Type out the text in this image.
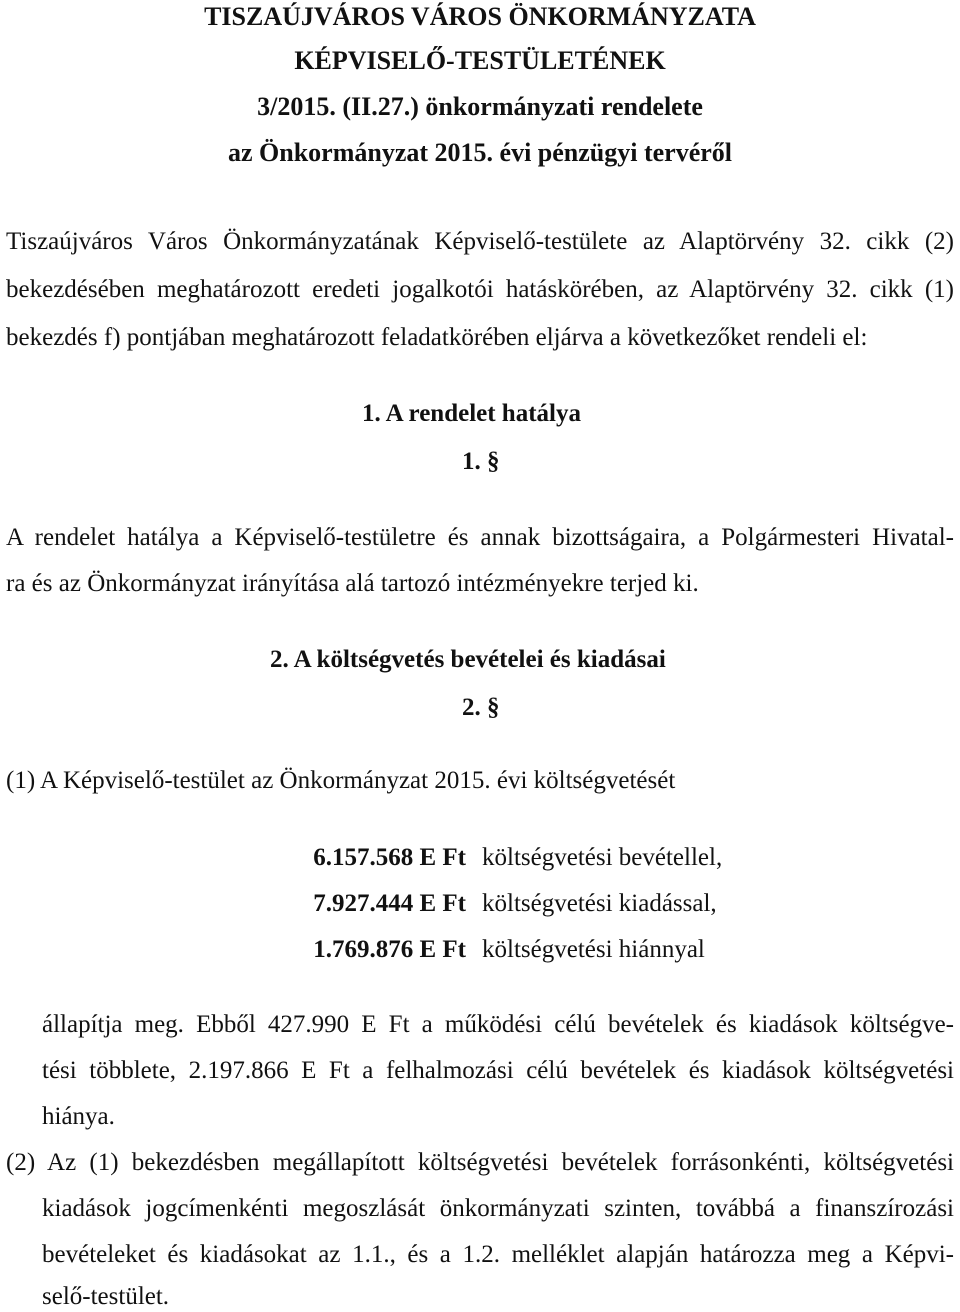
TISZAÚJVÁROS VÁROS ÖNKORMÁNYZATA
KÉPVISELŐ-TESTÜLETÉNEK
3/2015. (II.27.) önkormányzati rendelete
az Önkormányzat 2015. évi pénzügyi tervéről
Tiszaújváros Város Önkormányzatának Képviselő-testülete az Alaptörvény 32. cikk (2)
bekezdésében meghatározott eredeti jogalkotói hatáskörében, az Alaptörvény 32. cikk (1)
bekezdés f) pontjában meghatározott feladatkörében eljárva a következőket rendeli el:
1. A rendelet hatálya
1. §
A rendelet hatálya a Képviselő-testületre és annak bizottságaira, a Polgármesteri Hivatal-
ra és az Önkormányzat irányítása alá tartozó intézményekre terjed ki.
2. A költségvetés bevételei és kiadásai
2. §
(1) A Képviselő-testület az Önkormányzat 2015. évi költségvetését
6.157.568 E Ft költségvetési bevétellel,
7.927.444 E Ft költségvetési kiadással,
1.769.876 E Ft költségvetési hiánnyal
állapítja meg. Ebből 427.990 E Ft a működési célú bevételek és kiadások költségve-
tési többlete, 2.197.866 E Ft a felhalmozási célú bevételek és kiadások költségvetési
hiánya.
(2) Az (1) bekezdésben megállapított költségvetési bevételek forrásonkénti, költségvetési
kiadások jogcímenkénti megoszlását önkormányzati szinten, továbbá a finanszírozási
bevételeket és kiadásokat az 1.1., és a 1.2. melléklet alapján határozza meg a Képvi-
selő-testület.
